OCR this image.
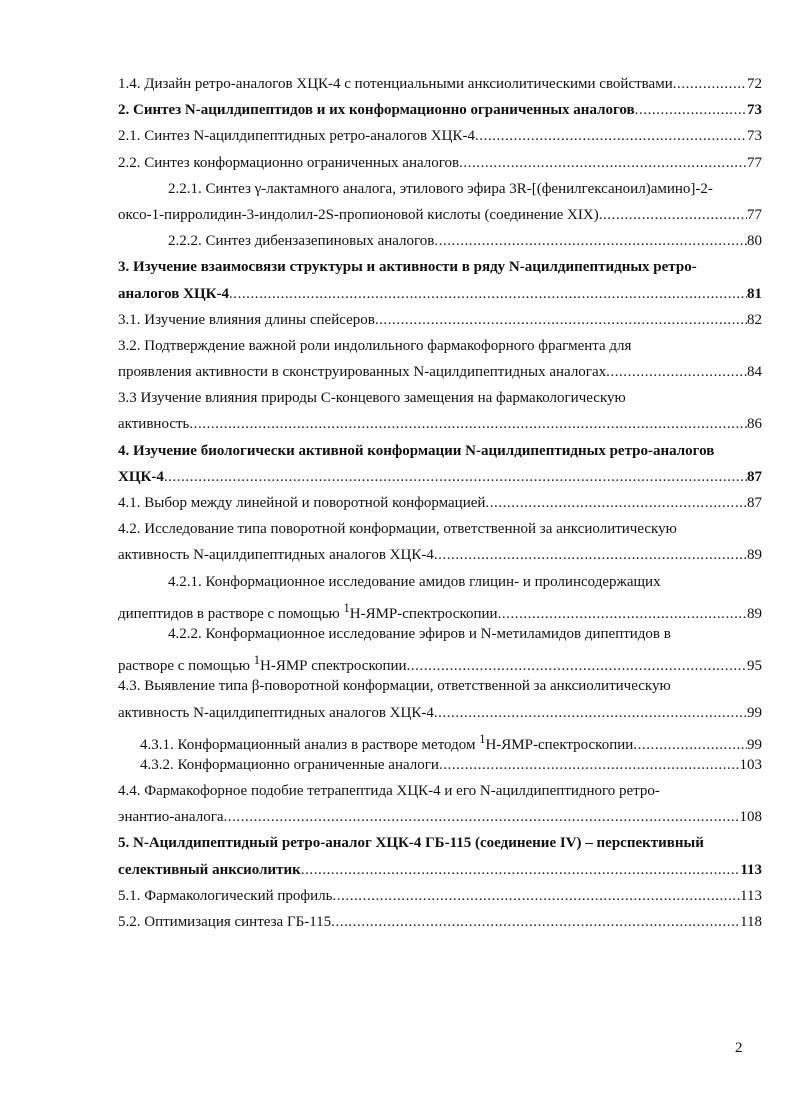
1.4. Дизайн ретро-аналогов ХЦК-4 с потенциальными анксиолитическими свойствами . . .	72
2. Синтез N-ацилдипептидов и их конформационно ограниченных аналогов . . .	73
2.1. Синтез N-ацилдипептидных ретро-аналогов ХЦК-4 . . .	73
2.2. Синтез конформационно ограниченных аналогов . . .	77
2.2.1. Синтез γ-лактамного аналога, этилового эфира 3R-[(фенилгексаноил)амино]-2-
оксо-1-пирролидин-3-индолил-2S-пропионовой кислоты (соединение XIX) . . .	77
2.2.2. Синтез дибензазепиновых аналогов . . .	80
3. Изучение взаимосвязи структуры и активности в ряду N-ацилдипептидных ретро-
аналогов ХЦК-4 . . .	81
3.1. Изучение влияния длины спейсеров . . .	82
3.2. Подтверждение важной роли индолильного фармакофорного фрагмента для
проявления активности в сконструированных N-ацилдипептидных аналогах . . .	84
3.3 Изучение влияния природы С-концевого замещения на фармакологическую
активность . . .	86
4. Изучение биологически активной конформации N-ацилдипептидных ретро-аналогов
ХЦК-4 . . .	87
4.1. Выбор между линейной и поворотной конформацией . . .	87
4.2. Исследование типа поворотной конформации, ответственной за анксиолитическую
активность N-ацилдипептидных аналогов ХЦК-4 . . .	89
4.2.1. Конформационное исследование амидов глицин- и пролинсодержащих
дипептидов в растворе с помощью $^1$Н-ЯМР-спектроскопии . . .	89
4.2.2. Конформационное исследование эфиров и N-метиламидов дипептидов в
растворе с помощью $^1$Н-ЯМР спектроскопии . . .	95
4.3. Выявление типа β-поворотной конформации, ответственной за анксиолитическую
активность N-ацилдипептидных аналогов ХЦК-4 . . .	99
4.3.1. Конформационный анализ в растворе методом $^1$Н-ЯМР-спектроскопии . . .	99
4.3.2. Конформационно ограниченные аналоги . . .	103
4.4. Фармакофорное подобие тетрапептида ХЦК-4 и его N-ацилдипептидного ретро-
энантио-аналога . . .	108
5. N-Ацилдипептидный ретро-аналог ХЦК-4 ГБ-115 (соединение IV) – перспективный
селективный анксиолитик . . .	113
5.1. Фармакологический профиль . . .	113
5.2. Оптимизация синтеза ГБ-115 . . .	118
2
